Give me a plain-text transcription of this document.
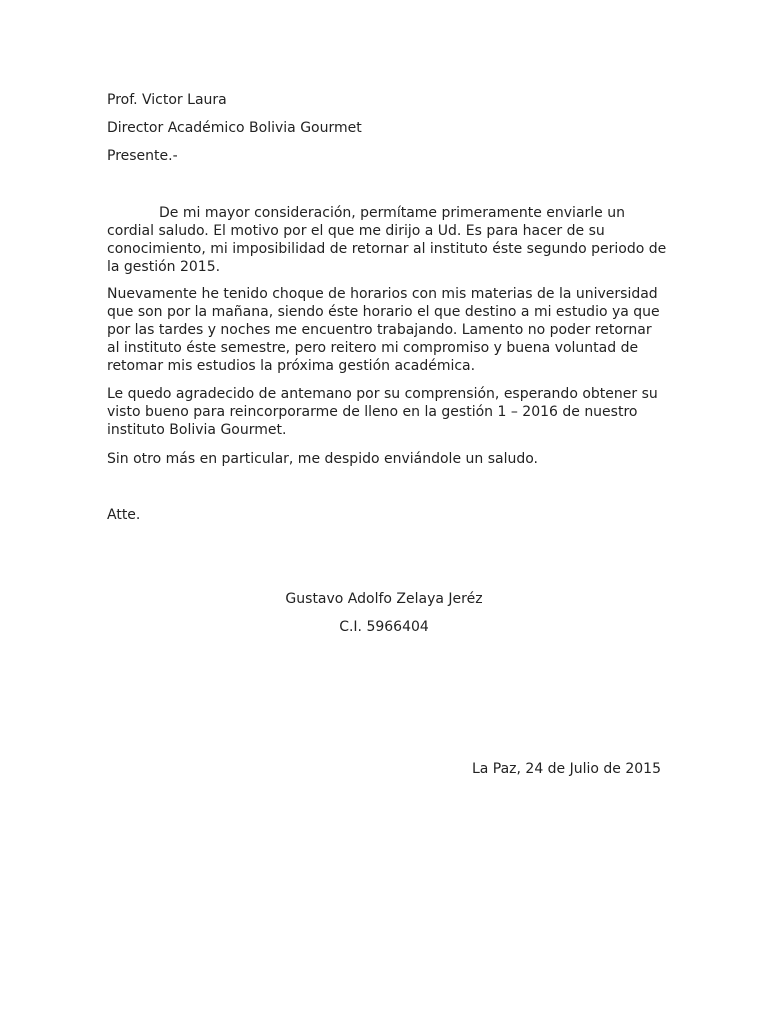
Prof. Victor Laura
Director Académico Bolivia Gourmet
Presente.-

De mi mayor consideración, permítame primeramente enviarle un cordial saludo. El motivo por el que me dirijo a Ud. Es para hacer de su conocimiento, mi imposibilidad de retornar al instituto éste segundo periodo de la gestión 2015.

Nuevamente he tenido choque de horarios con mis materias de la universidad que son por la mañana, siendo éste horario el que destino a mi estudio ya que por las tardes y noches me encuentro trabajando. Lamento no poder retornar al instituto éste semestre, pero reitero mi compromiso y buena voluntad de retomar mis estudios la próxima gestión académica.

Le quedo agradecido de antemano por su comprensión, esperando obtener su visto bueno para reincorporarme de lleno en la gestión 1 – 2016 de nuestro instituto Bolivia Gourmet.

Sin otro más en particular, me despido enviándole un saludo.

Atte.
Gustavo Adolfo Zelaya Jeréz
C.I. 5966404
La Paz, 24 de Julio de 2015
